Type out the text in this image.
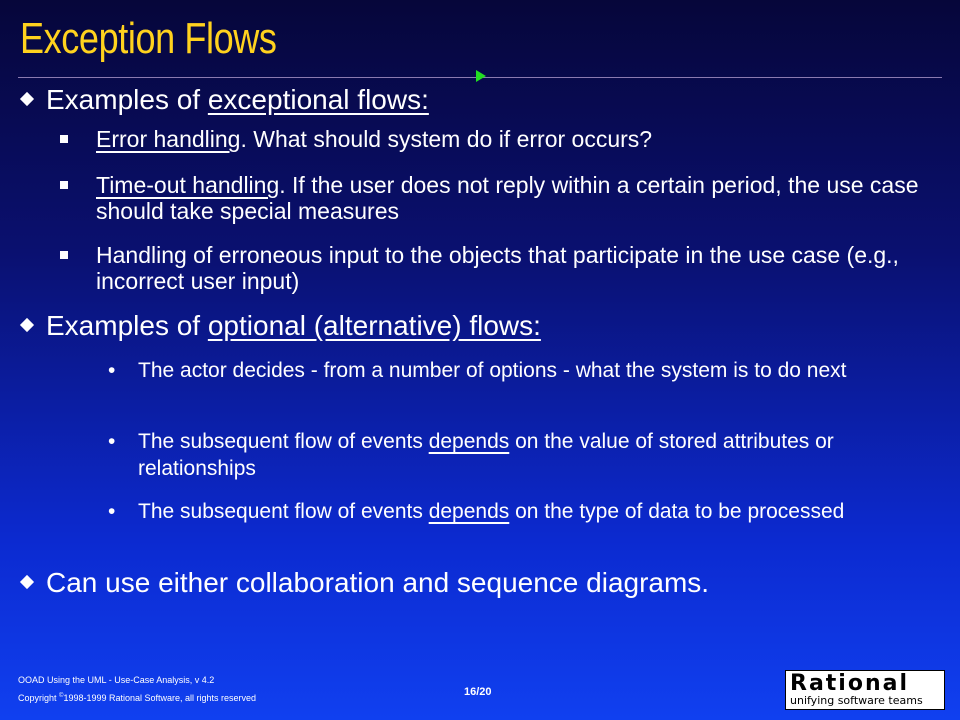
Exception Flows
Examples of exceptional flows:
Error handling. What should system do if error occurs?
Time-out handling. If the user does not reply within a certain period, the use case should take special measures
Handling of erroneous input to the objects that participate in the use case (e.g., incorrect user input)
Examples of optional (alternative) flows:
• The actor decides - from a number of options - what the system is to do next
• The subsequent flow of events depends on the value of stored attributes or relationships
• The subsequent flow of events depends on the type of data to be processed
Can use either collaboration and sequence diagrams.
OOAD Using the UML - Use-Case Analysis, v 4.2
Copyright ©1998-1999 Rational Software, all rights reserved	16/20	Rational
unifying software teams
